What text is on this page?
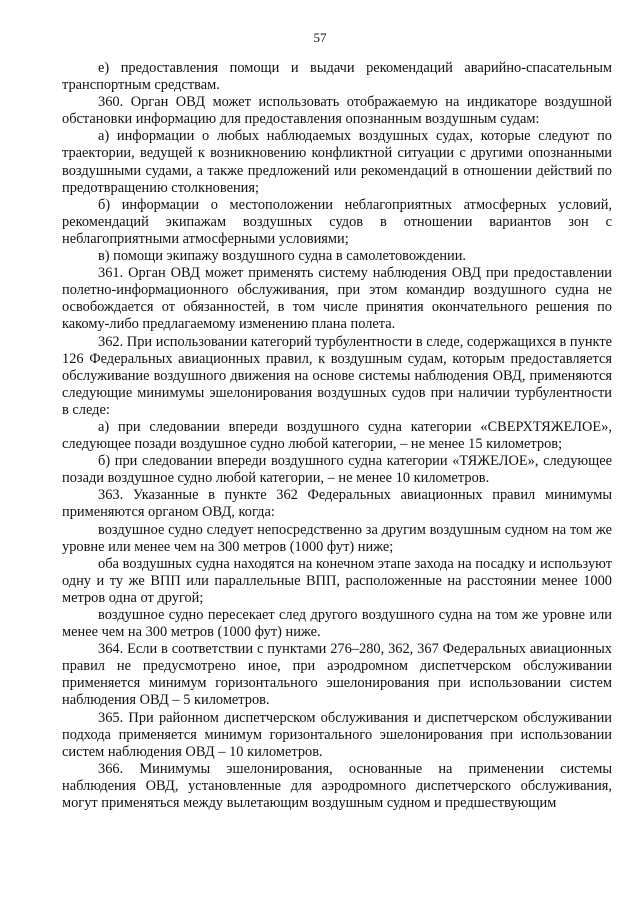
57

е) предоставления помощи и выдачи рекомендаций аварийно-спасательным транспортным средствам.

360. Орган ОВД может использовать отображаемую на индикаторе воздушной обстановки информацию для предоставления опознанным воздушным судам:

а) информации о любых наблюдаемых воздушных судах, которые следуют по траектории, ведущей к возникновению конфликтной ситуации с другими опознанными воздушными судами, а также предложений или рекомендаций в отношении действий по предотвращению столкновения;

б) информации о местоположении неблагоприятных атмосферных условий, рекомендаций экипажам воздушных судов в отношении вариантов зон с неблагоприятными атмосферными условиями;

в) помощи экипажу воздушного судна в самолетовождении.

361. Орган ОВД может применять систему наблюдения ОВД при предоставлении полетно-информационного обслуживания, при этом командир воздушного судна не освобождается от обязанностей, в том числе принятия окончательного решения по какому-либо предлагаемому изменению плана полета.

362. При использовании категорий турбулентности в следе, содержащихся в пункте 126 Федеральных авиационных правил, к воздушным судам, которым предоставляется обслуживание воздушного движения на основе системы наблюдения ОВД, применяются следующие минимумы эшелонирования воздушных судов при наличии турбулентности в следе:

а) при следовании впереди воздушного судна категории «СВЕРХТЯЖЕЛОЕ», следующее позади воздушное судно любой категории, – не менее 15 километров;

б) при следовании впереди воздушного судна категории «ТЯЖЕЛОЕ», следующее позади воздушное судно любой категории, – не менее 10 километров.

363. Указанные в пункте 362 Федеральных авиационных правил минимумы применяются органом ОВД, когда:

воздушное судно следует непосредственно за другим воздушным судном на том же уровне или менее чем на 300 метров (1000 фут) ниже;

оба воздушных судна находятся на конечном этапе захода на посадку и используют одну и ту же ВПП или параллельные ВПП, расположенные на расстоянии менее 1000 метров одна от другой;

воздушное судно пересекает след другого воздушного судна на том же уровне или менее чем на 300 метров (1000 фут) ниже.

364. Если в соответствии с пунктами 276–280, 362, 367 Федеральных авиационных правил не предусмотрено иное, при аэродромном диспетчерском обслуживании применяется минимум горизонтального эшелонирования при использовании систем наблюдения ОВД – 5 километров.

365. При районном диспетчерском обслуживания и диспетчерском обслуживании подхода применяется минимум горизонтального эшелонирования при использовании систем наблюдения ОВД – 10 километров.

366. Минимумы эшелонирования, основанные на применении системы наблюдения ОВД, установленные для аэродромного диспетчерского обслуживания, могут применяться между вылетающим воздушным судном и предшествующим
